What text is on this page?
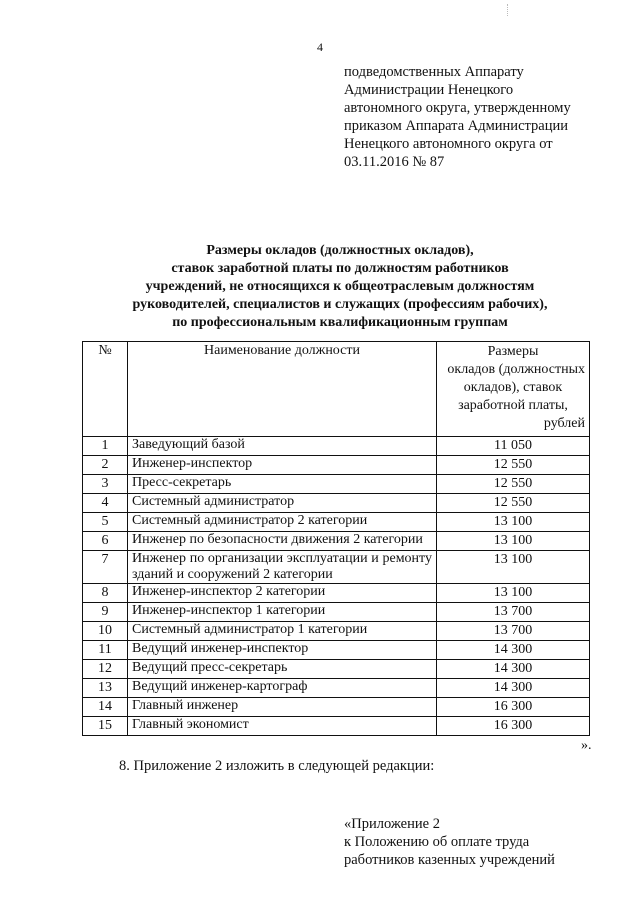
4
подведомственных Аппарату
Администрации Ненецкого
автономного округа, утвержденному
приказом Аппарата Администрации
Ненецкого автономного округа от
03.11.2016 № 87
Размеры окладов (должностных окладов),
ставок заработной платы по должностям работников
учреждений, не относящихся к общеотраслевым должностям
руководителей, специалистов и служащих (профессиям рабочих),
по профессиональным квалификационным группам
№	Наименование должности	Размеры
окладов (должностных
окладов), ставок
заработной платы,
рублей

1	Заведующий базой	11 050
2	Инженер-инспектор	12 550
3	Пресс-секретарь	12 550
4	Системный администратор	12 550
5	Системный администратор 2 категории	13 100
6	Инженер по безопасности движения 2 категории	13 100
7	Инженер по организации эксплуатации и ремонту зданий и сооружений 2 категории	13 100
8	Инженер-инспектор 2 категории	13 100
9	Инженер-инспектор 1 категории	13 700
10	Системный администратор 1 категории	13 700
11	Ведущий инженер-инспектор	14 300
12	Ведущий пресс-секретарь	14 300
13	Ведущий инженер-картограф	14 300
14	Главный инженер	16 300
15	Главный экономист	16 300
».
8. Приложение 2 изложить в следующей редакции:
«Приложение 2
к Положению об оплате труда
работников казенных учреждений
